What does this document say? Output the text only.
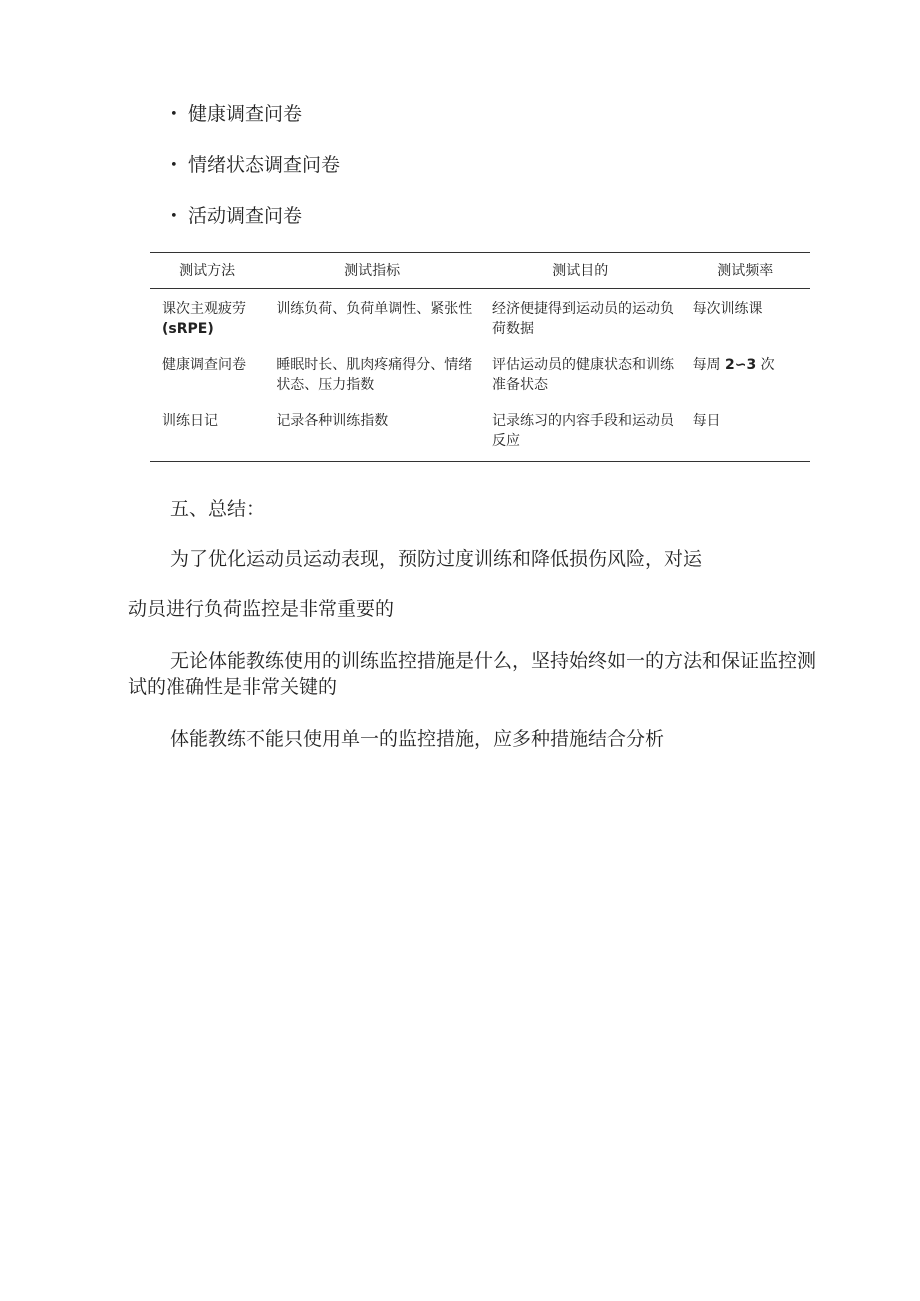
• 健康调查问卷
• 情绪状态调查问卷
• 活动调查问卷
测试方法	测试指标	测试目的	测试频率
课次主观疲劳
(sRPE)	训练负荷、负荷单调性、紧张性	经济便捷得到运动员的运动负荷数据	每次训练课
健康调查问卷	睡眠时长、肌肉疼痛得分、情绪状态、压力指数	评估运动员的健康状态和训练准备状态	每周 2∽3 次
训练日记	记录各种训练指数	记录练习的内容手段和运动员反应	每日
五、总结：
为了优化运动员运动表现，预防过度训练和降低损伤风险，对运
动员进行负荷监控是非常重要的
无论体能教练使用的训练监控措施是什么，坚持始终如一的方法和保证监控测试的准确性是非常关键的
体能教练不能只使用单一的监控措施，应多种措施结合分析
